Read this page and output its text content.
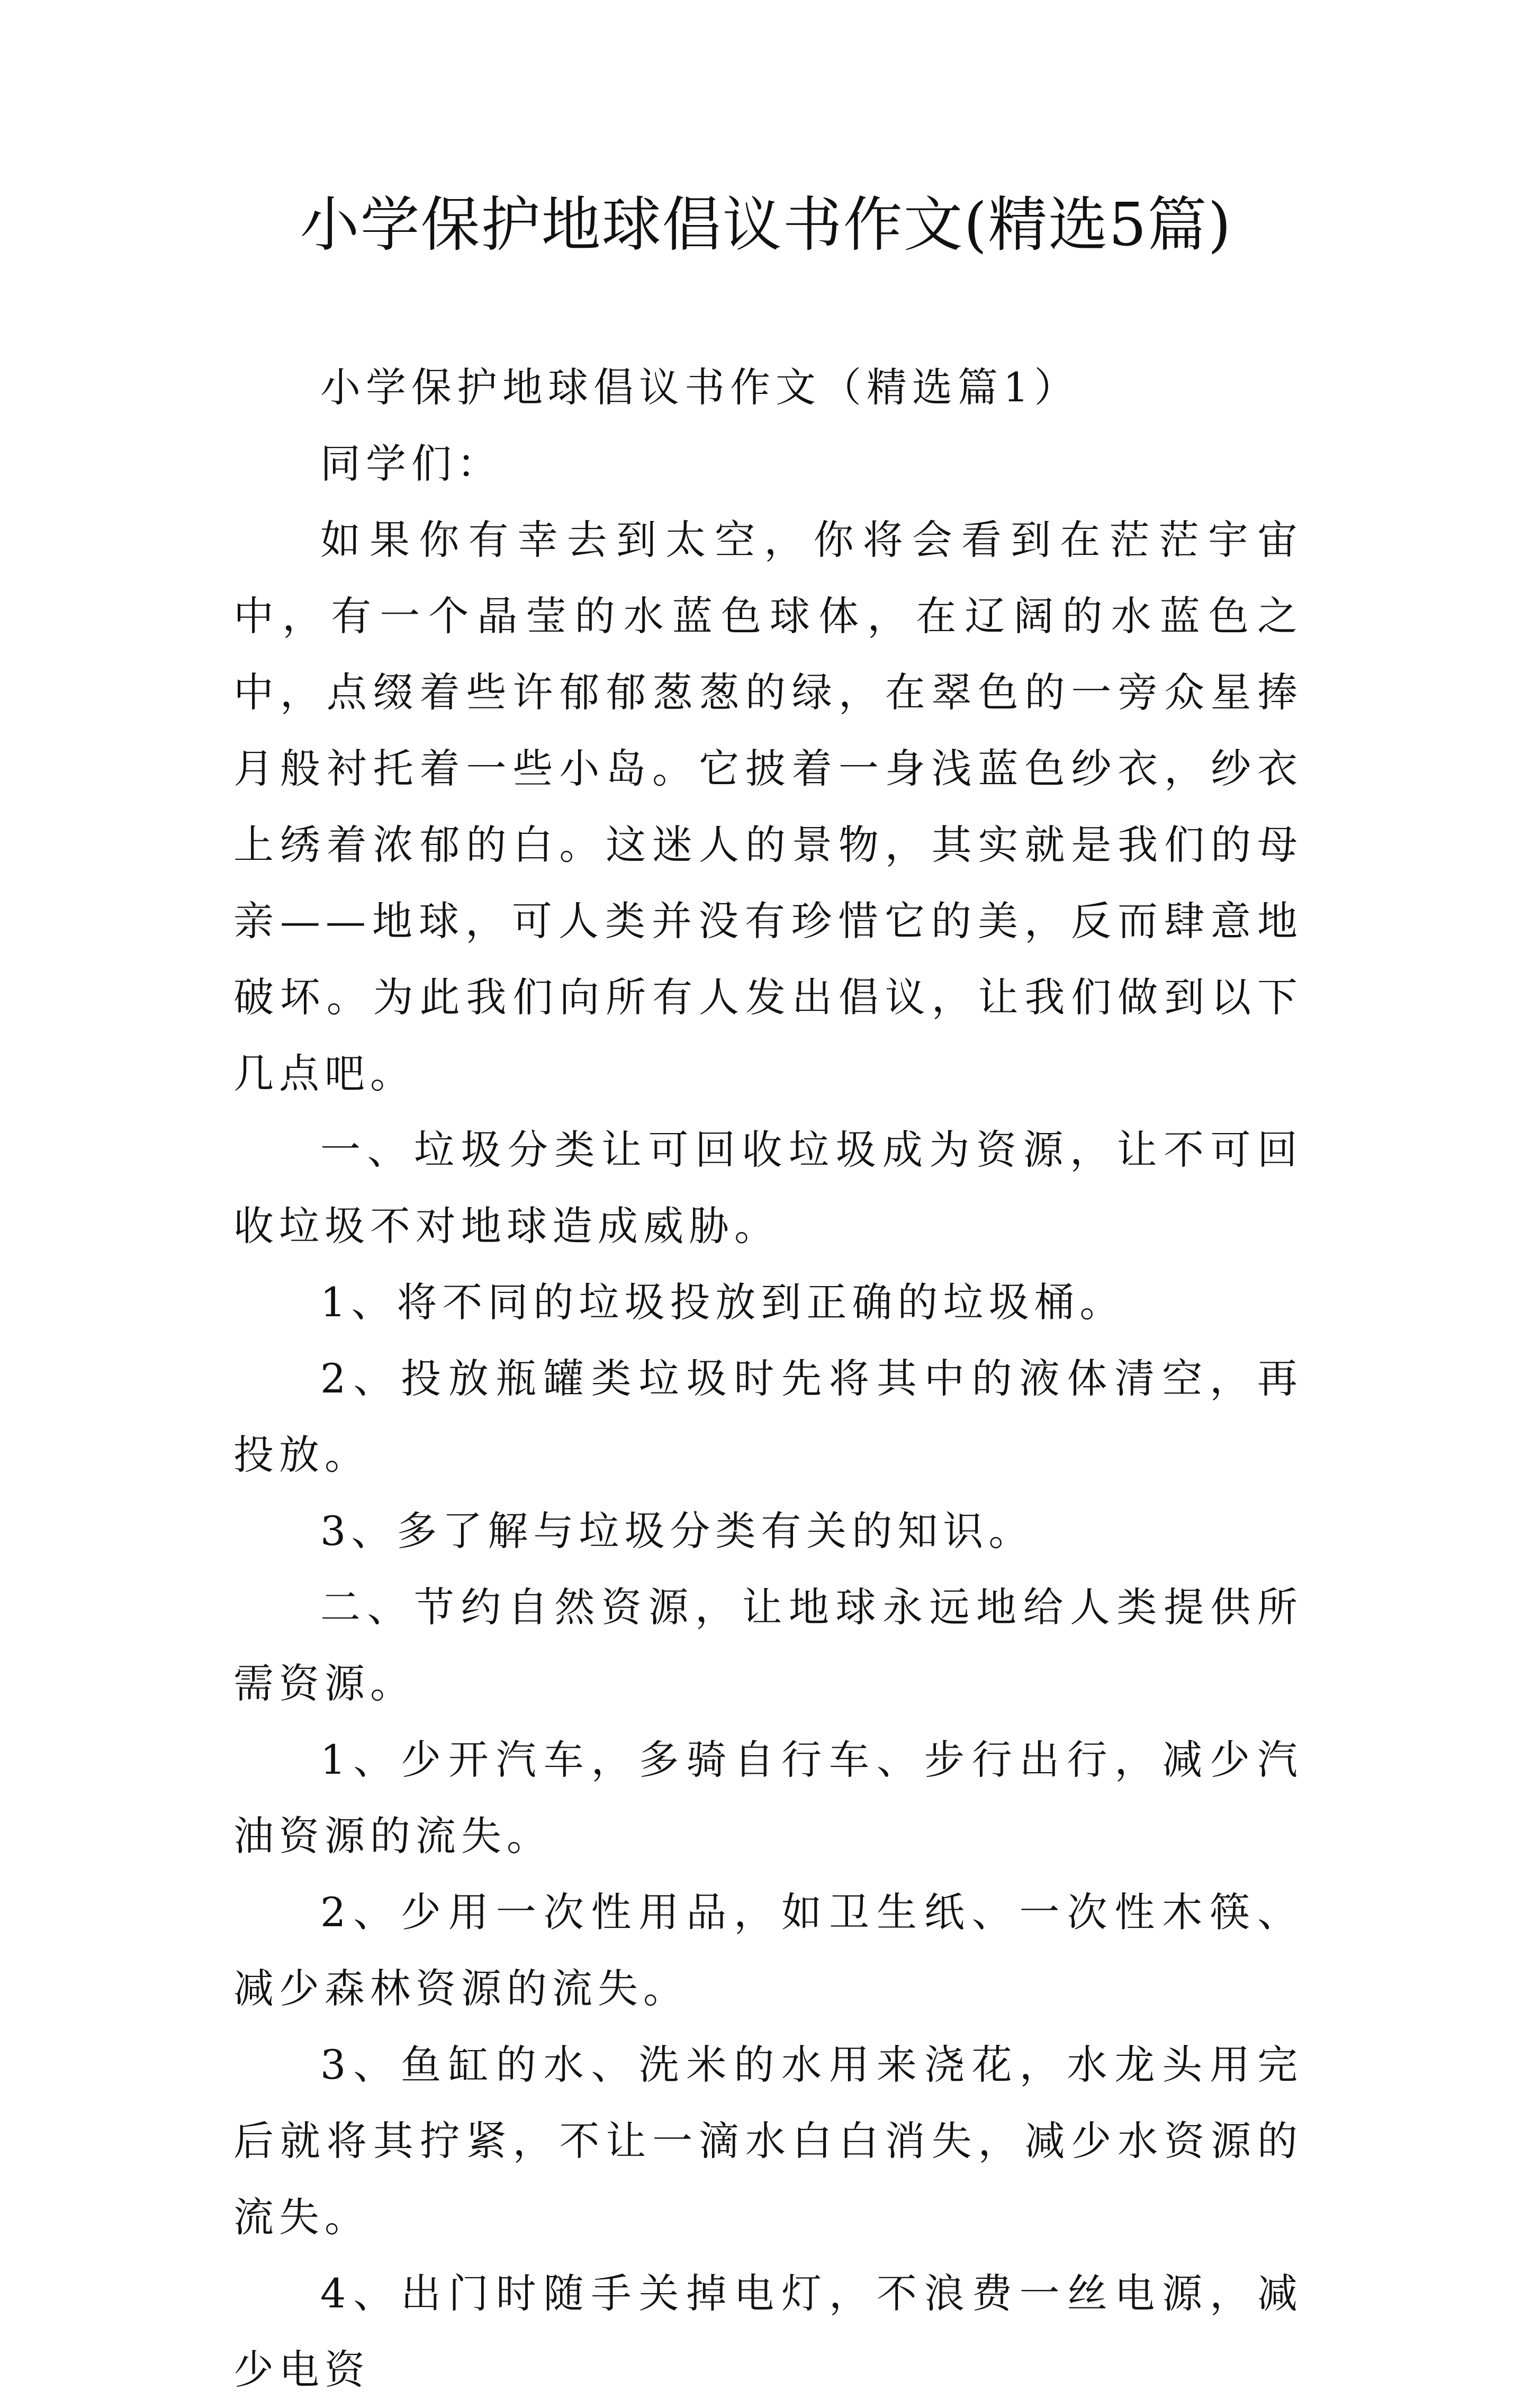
小学保护地球倡议书作文(精选5篇)

小学保护地球倡议书作文（精选篇1）

同学们：

如果你有幸去到太空，你将会看到在茫茫宇宙中，有一个晶莹的水蓝色球体，在辽阔的水蓝色之中，点缀着些许郁郁葱葱的绿，在翠色的一旁众星捧月般衬托着一些小岛。它披着一身浅蓝色纱衣，纱衣上绣着浓郁的白。这迷人的景物，其实就是我们的母亲——地球，可人类并没有珍惜它的美，反而肆意地破坏。为此我们向所有人发出倡议，让我们做到以下几点吧。

一、垃圾分类让可回收垃圾成为资源，让不可回收垃圾不对地球造成威胁。

1、将不同的垃圾投放到正确的垃圾桶。

2、投放瓶罐类垃圾时先将其中的液体清空，再投放。

3、多了解与垃圾分类有关的知识。

二、节约自然资源，让地球永远地给人类提供所需资源。

1、少开汽车，多骑自行车、步行出行，减少汽油资源的流失。

2、少用一次性用品，如卫生纸、一次性木筷、减少森林资源的流失。

3、鱼缸的水、洗米的水用来浇花，水龙头用完后就将其拧紧，不让一滴水白白消失，减少水资源的流失。

4、出门时随手关掉电灯，不浪费一丝电源，减少电资
